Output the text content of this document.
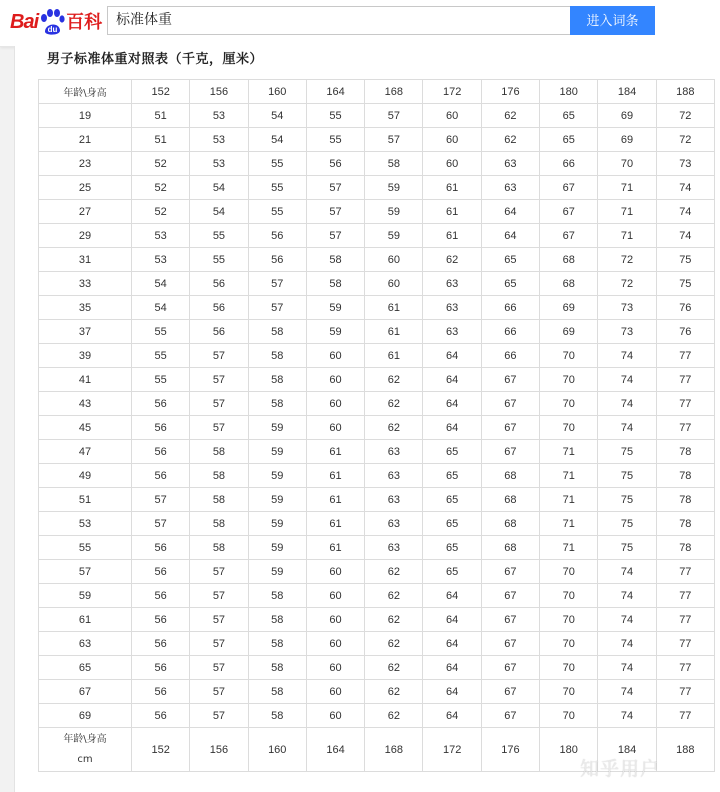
Bai du 百科 标准体重	进入词条
男子标准体重对照表（千克，厘米）
年龄\身高	152	156	160	164	168	172	176	180	184	188
19	51	53	54	55	57	60	62	65	69	72
21	51	53	54	55	57	60	62	65	69	72
23	52	53	55	56	58	60	63	66	70	73
25	52	54	55	57	59	61	63	67	71	74
27	52	54	55	57	59	61	64	67	71	74
29	53	55	56	57	59	61	64	67	71	74
31	53	55	56	58	60	62	65	68	72	75
33	54	56	57	58	60	63	65	68	72	75
35	54	56	57	59	61	63	66	69	73	76
37	55	56	58	59	61	63	66	69	73	76
39	55	57	58	60	61	64	66	70	74	77
41	55	57	58	60	62	64	67	70	74	77
43	56	57	58	60	62	64	67	70	74	77
45	56	57	59	60	62	64	67	70	74	77
47	56	58	59	61	63	65	67	71	75	78
49	56	58	59	61	63	65	68	71	75	78
51	57	58	59	61	63	65	68	71	75	78
53	57	58	59	61	63	65	68	71	75	78
55	56	58	59	61	63	65	68	71	75	78
57	56	57	59	60	62	65	67	70	74	77
59	56	57	58	60	62	64	67	70	74	77
61	56	57	58	60	62	64	67	70	74	77
63	56	57	58	60	62	64	67	70	74	77
65	56	57	58	60	62	64	67	70	74	77
67	56	57	58	60	62	64	67	70	74	77
69	56	57	58	60	62	64	67	70	74	77

年龄\身高
cm	152	156	160	164	168	172	176	180	184	188
知乎用户
